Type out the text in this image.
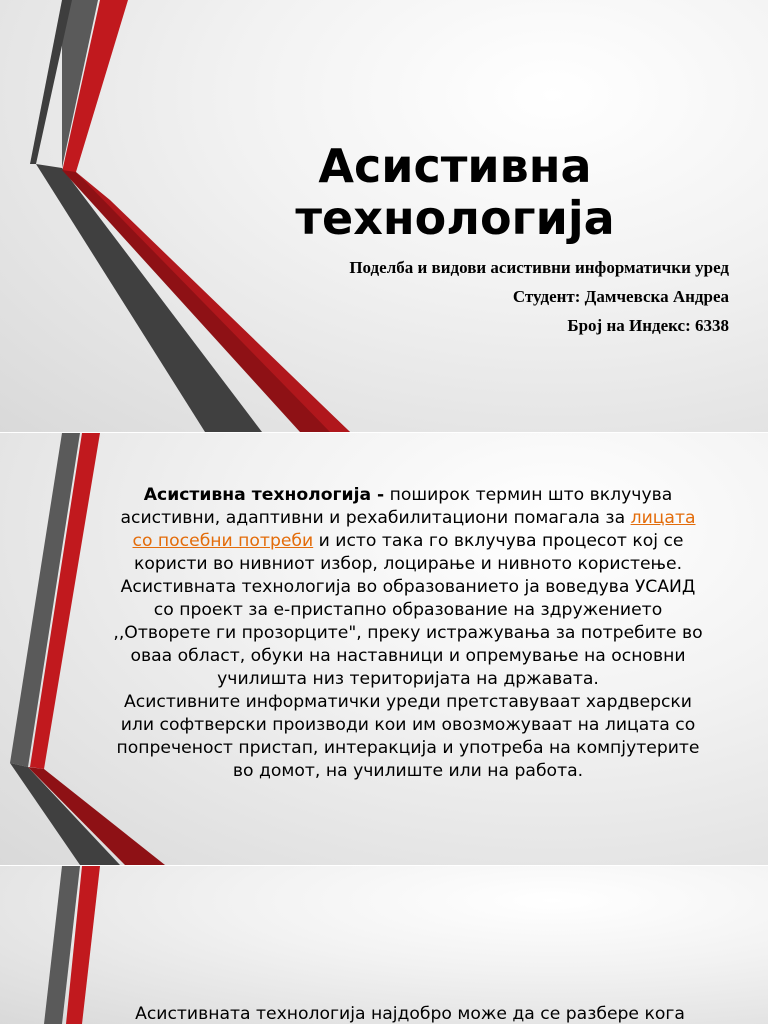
Асистивна
технологија
Поделба и видови асистивни информатички уред
Студент: Дамчевска Андреа
Број на Индекс: 6338
Асистивна технологија - поширок термин што вклучува асистивни, адаптивни и рехабилитациони помагала за лицата со посебни потреби и исто така го вклучува процесот кој се користи во нивниот избор, лоцирање и нивното користење.
Асистивната технологија во образованието ја воведува УСАИД со проект за е-пристапно образование на здружението ,,Отворете ги прозорците", преку истражувања за потребите во оваа област, обуки на наставници и опремување на основни училишта низ територијата на државата.
Асистивните информатички уреди претставуваат хардверски или софтверски производи кои им овозможуваат на лицата со попреченост пристап, интеракција и употреба на компјутерите во домот, на училиште или на работа.
Асистивната технологија најдобро може да се разбере кога
